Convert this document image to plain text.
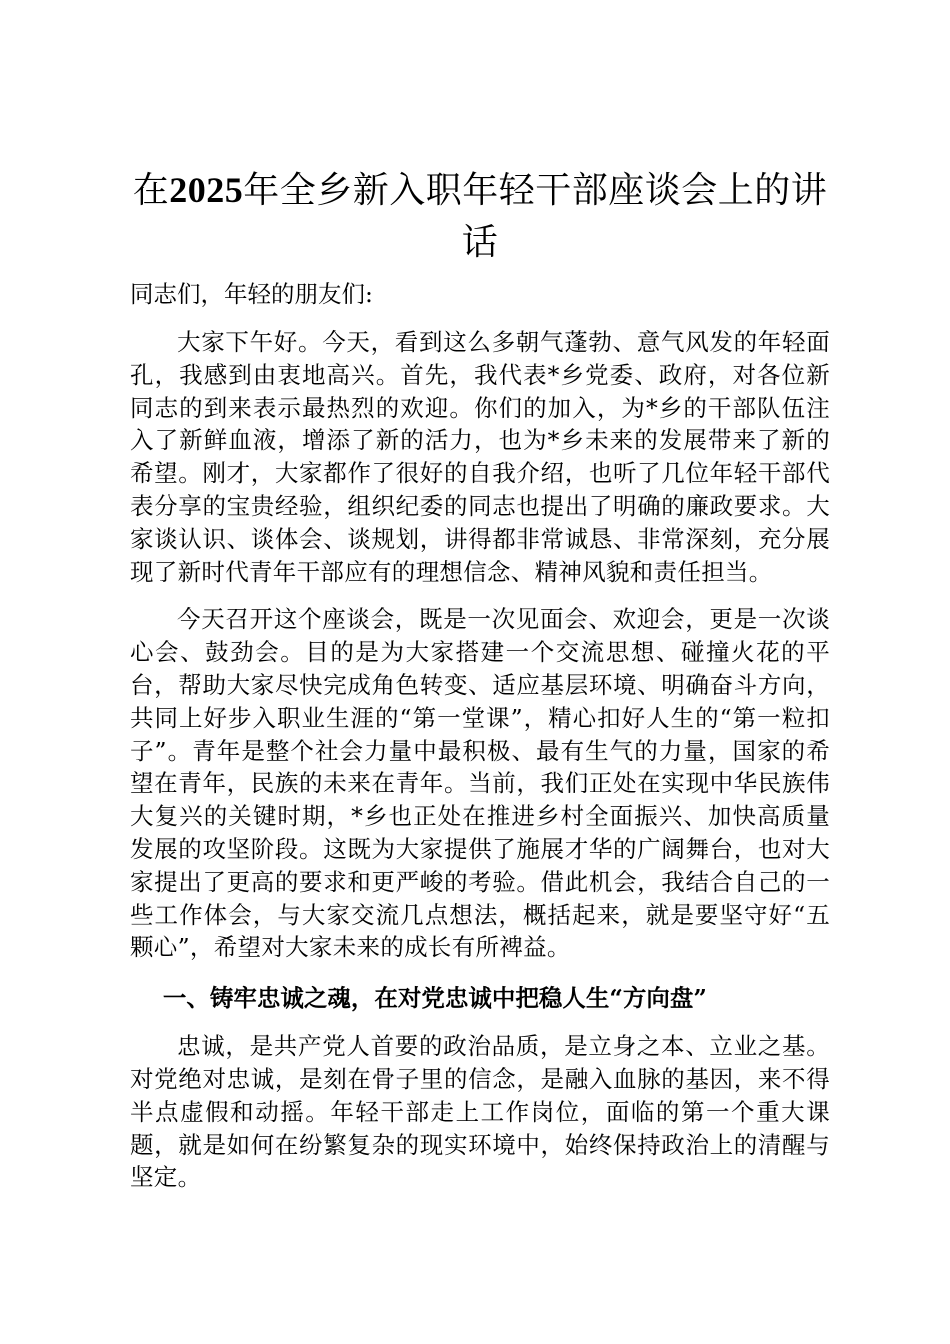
在2025年全乡新入职年轻干部座谈会上的讲话

同志们，年轻的朋友们:

大家下午好。今天，看到这么多朝气蓬勃、意气风发的年轻面孔，我感到由衷地高兴。首先，我代表*乡党委、政府，对各位新同志的到来表示最热烈的欢迎。你们的加入，为*乡的干部队伍注入了新鲜血液，增添了新的活力，也为*乡未来的发展带来了新的希望。刚才，大家都作了很好的自我介绍，也听了几位年轻干部代表分享的宝贵经验，组织纪委的同志也提出了明确的廉政要求。大家谈认识、谈体会、谈规划，讲得都非常诚恳、非常深刻，充分展现了新时代青年干部应有的理想信念、精神风貌和责任担当。

今天召开这个座谈会，既是一次见面会、欢迎会，更是一次谈心会、鼓劲会。目的是为大家搭建一个交流思想、碰撞火花的平台，帮助大家尽快完成角色转变、适应基层环境、明确奋斗方向，共同上好步入职业生涯的“第一堂课”，精心扣好人生的“第一粒扣子”。青年是整个社会力量中最积极、最有生气的力量，国家的希望在青年，民族的未来在青年。当前，我们正处在实现中华民族伟大复兴的关键时期，*乡也正处在推进乡村全面振兴、加快高质量发展的攻坚阶段。这既为大家提供了施展才华的广阔舞台，也对大家提出了更高的要求和更严峻的考验。借此机会，我结合自己的一些工作体会，与大家交流几点想法，概括起来，就是要坚守好“五颗心”，希望对大家未来的成长有所裨益。

一、铸牢忠诚之魂，在对党忠诚中把稳人生“方向盘”

忠诚，是共产党人首要的政治品质，是立身之本、立业之基。对党绝对忠诚，是刻在骨子里的信念，是融入血脉的基因，来不得半点虚假和动摇。年轻干部走上工作岗位，面临的第一个重大课题，就是如何在纷繁复杂的现实环境中，始终保持政治上的清醒与坚定。
